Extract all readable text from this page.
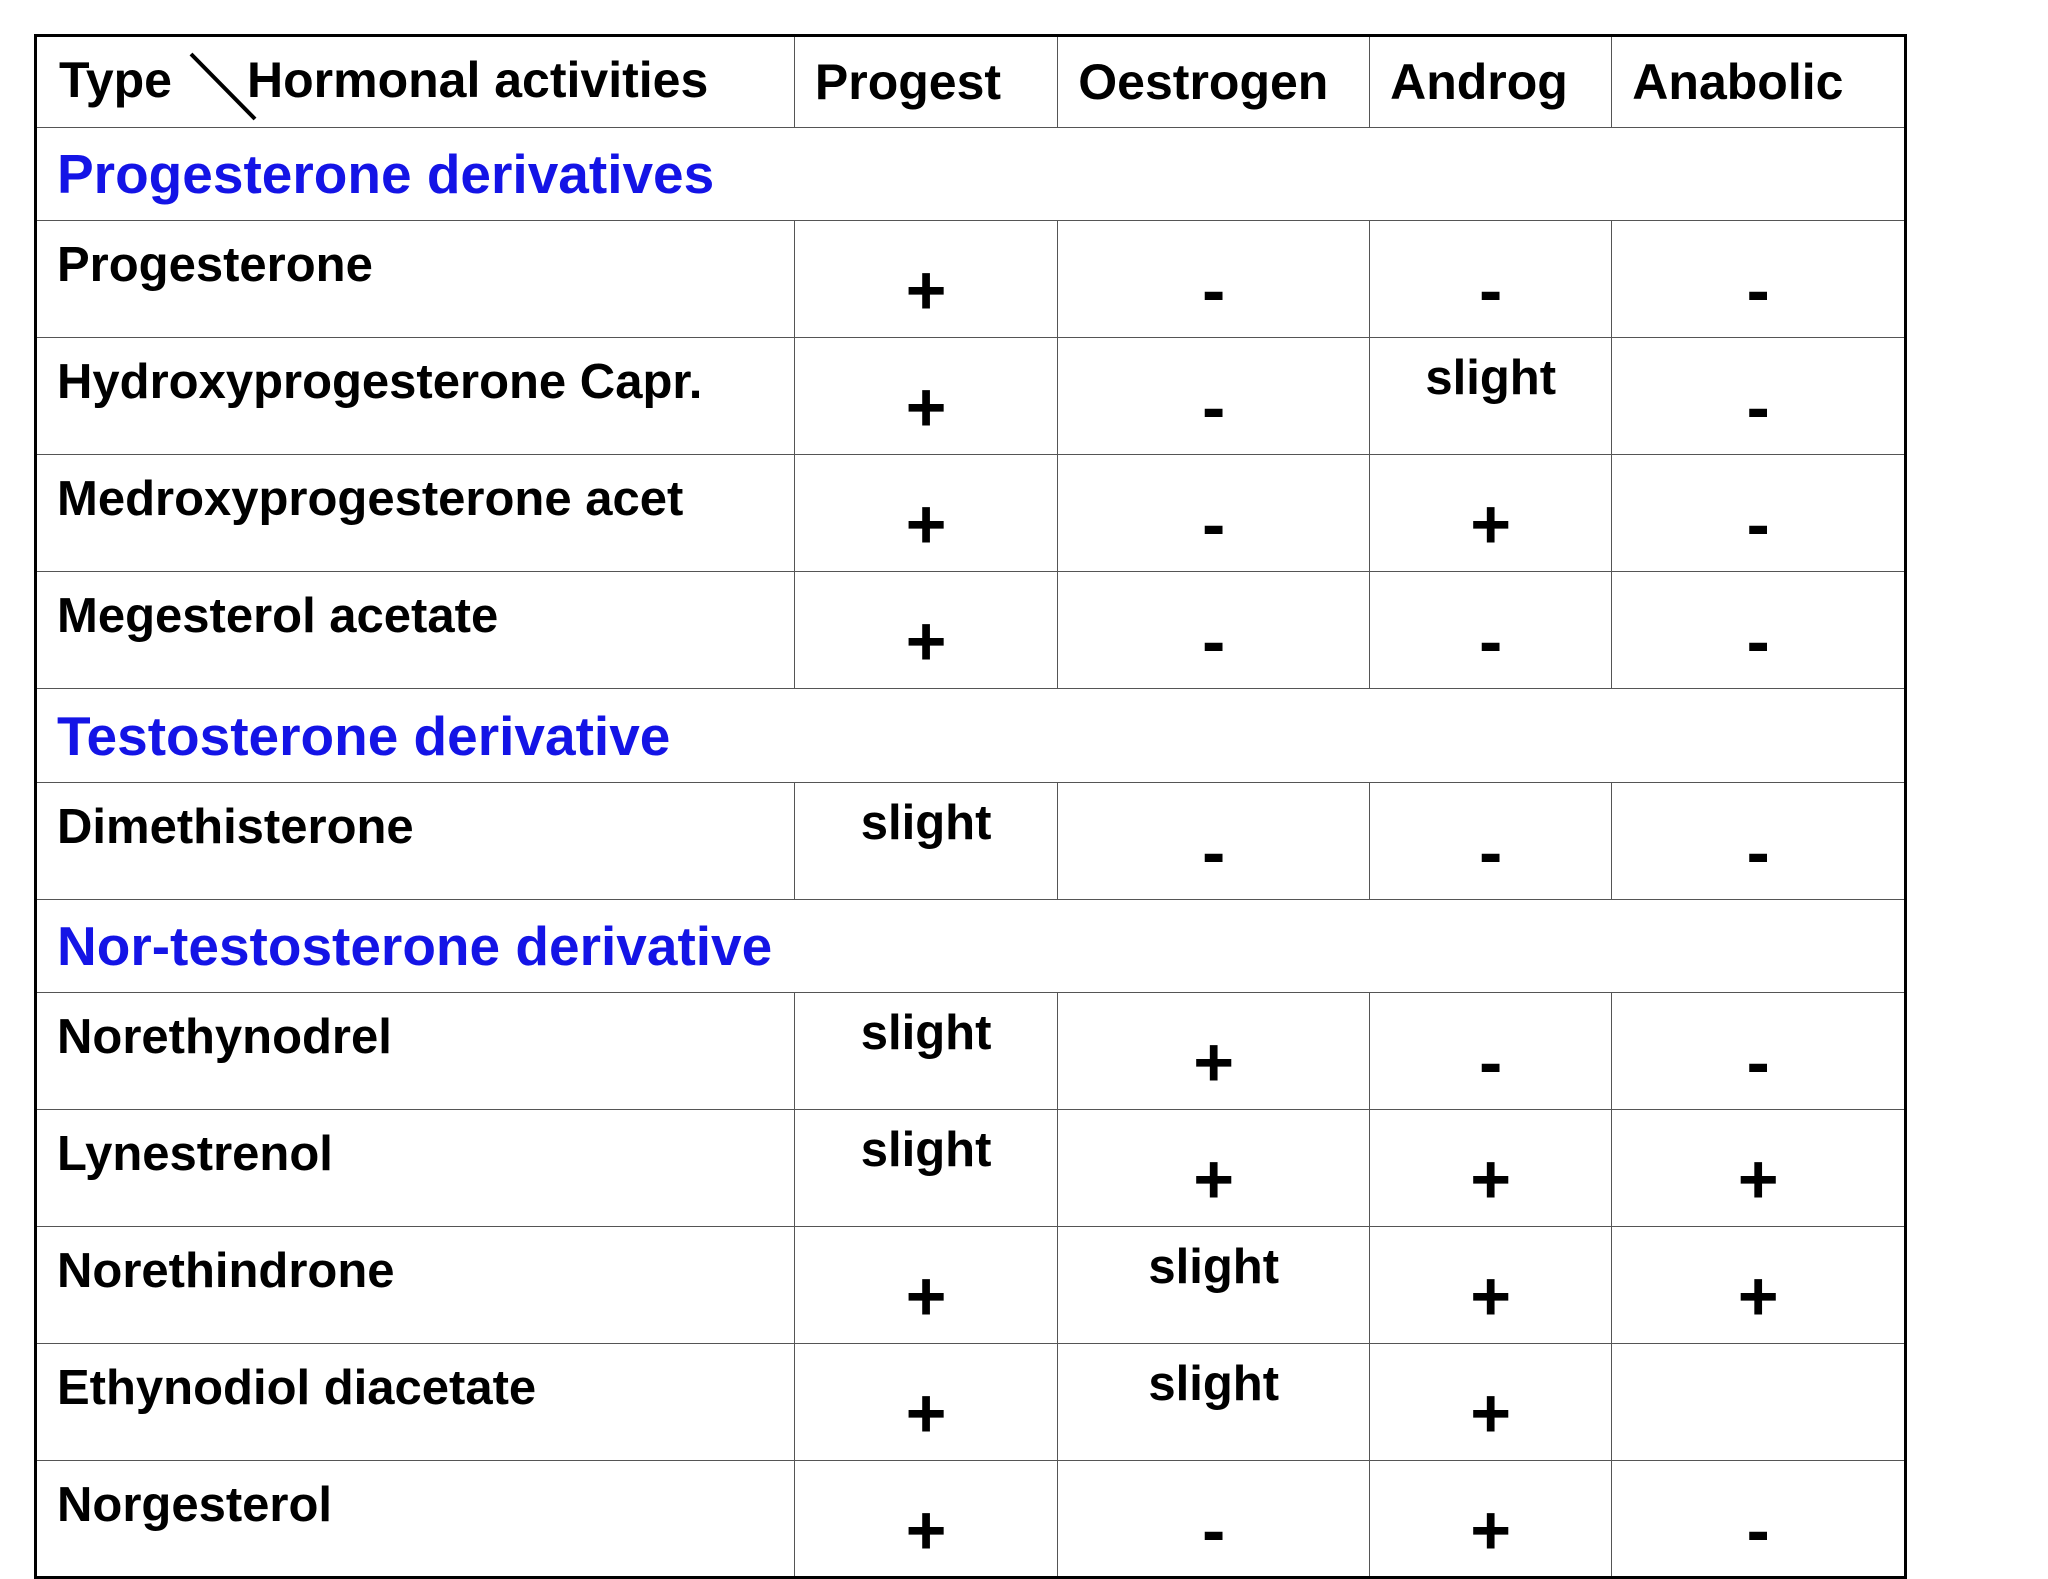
Type Hormonal activities	Progest	Oestrogen	Androg	Anabolic
Progesterone derivatives				
Progesterone	+	-	-	-
Hydroxyprogesterone Capr.	+	-	slight	-
Medroxyprogesterone acet	+	-	+	-
Megesterol acetate	+	-	-	-
Testosterone derivative				
Dimethisterone	slight	-	-	-
Nor-testosterone derivative				
Norethynodrel	slight	+	-	-
Lynestrenol	slight	+	+	+
Norethindrone	+	slight	+	+
Ethynodiol diacetate	+	slight	+	
Norgesterol	+	-	+	-
